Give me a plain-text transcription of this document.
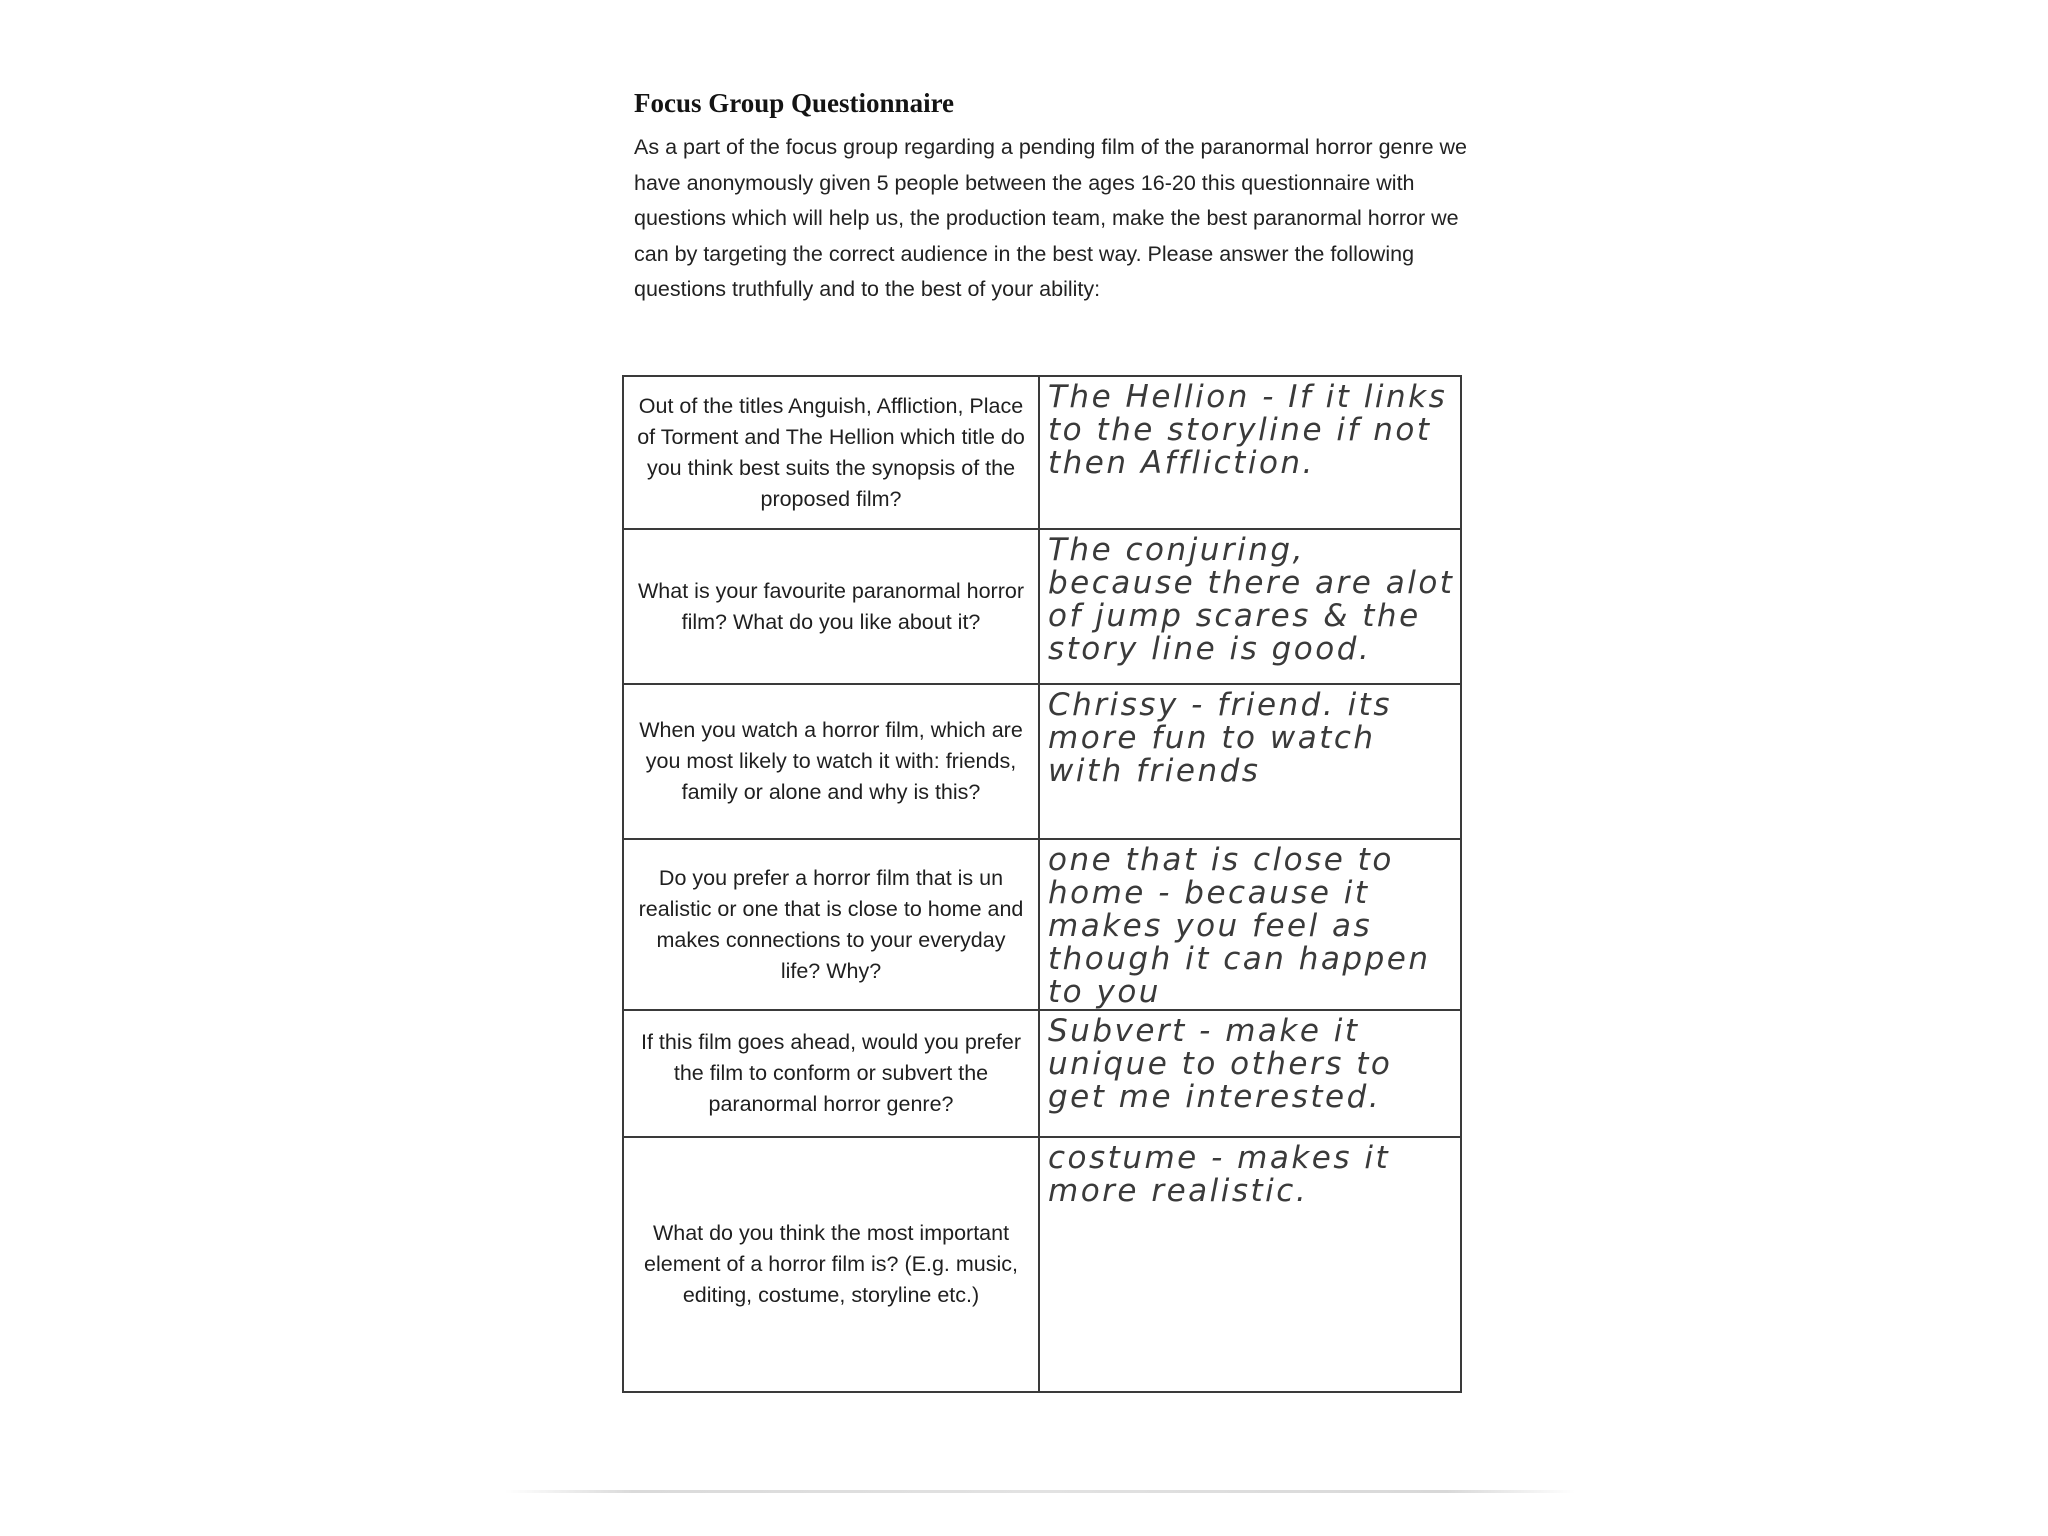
Focus Group Questionnaire

As a part of the focus group regarding a pending film of the paranormal horror genre we have anonymously given 5 people between the ages 16-20 this questionnaire with questions which will help us, the production team, make the best paranormal horror we can by targeting the correct audience in the best way. Please answer the following questions truthfully and to the best of your ability:

Out of the titles Anguish, Affliction, Place of Torment and The Hellion which title do you think best suits the synopsis of the proposed film?	The Hellion - If it links to the storyline if not then Affliction.
What is your favourite paranormal horror film? What do you like about it?	The conjuring, because there are alot of jump scares & the story line is good.
When you watch a horror film, which are you most likely to watch it with: friends, family or alone and why is this?	Chrissy - friend. its more fun to watch with friends
Do you prefer a horror film that is un realistic or one that is close to home and makes connections to your everyday life? Why?	one that is close to home - because it makes you feel as though it can happen to you
If this film goes ahead, would you prefer the film to conform or subvert the paranormal horror genre?	Subvert - make it unique to others to get me interested.
What do you think the most important element of a horror film is? (E.g. music, editing, costume, storyline etc.)	costume - makes it more realistic.
